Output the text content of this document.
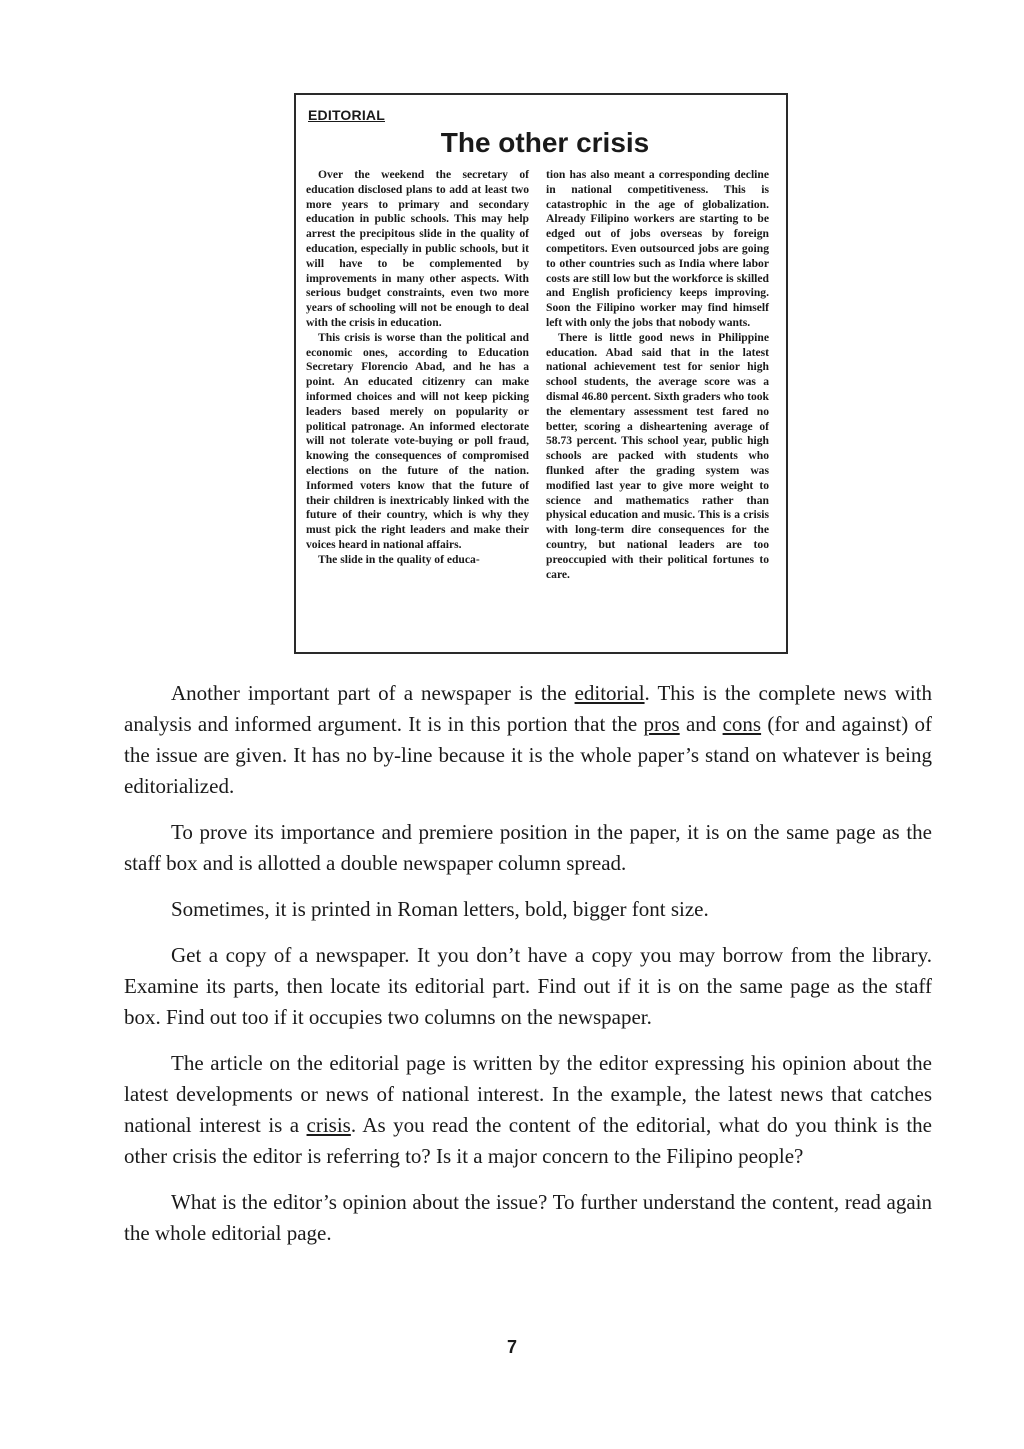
EDITORIAL
The other crisis

Over the weekend the secretary of education disclosed plans to add at least two more years to primary and secondary education in public schools. This may help arrest the precipitous slide in the quality of education, especially in public schools, but it will have to be complemented by improvements in many other aspects. With serious budget constraints, even two more years of schooling will not be enough to deal with the crisis in education.

This crisis is worse than the political and economic ones, according to Education Secretary Florencio Abad, and he has a point. An educated citizenry can make informed choices and will not keep picking leaders based merely on popularity or political patronage. An informed electorate will not tolerate vote-buying or poll fraud, knowing the consequences of compromised elections on the future of the nation. Informed voters know that the future of their children is inextricably linked with the future of their country, which is why they must pick the right leaders and make their voices heard in national affairs.

The slide in the quality of educa-

tion has also meant a corresponding decline in national competitiveness. This is catastrophic in the age of globalization. Already Filipino workers are starting to be edged out of jobs overseas by foreign competitors. Even outsourced jobs are going to other countries such as India where labor costs are still low but the workforce is skilled and English proficiency keeps improving. Soon the Filipino worker may find himself left with only the jobs that nobody wants.

There is little good news in Philippine education. Abad said that in the latest national achievement test for senior high school students, the average score was a dismal 46.80 percent. Sixth graders who took the elementary assessment test fared no better, scoring a disheartening average of 58.73 percent. This school year, public high schools are packed with students who flunked after the grading system was modified last year to give more weight to science and mathematics rather than physical education and music. This is a crisis with long-term dire consequences for the country, but national leaders are too preoccupied with their political fortunes to care.

Another important part of a newspaper is the editorial. This is the complete news with analysis and informed argument. It is in this portion that the pros and cons (for and against) of the issue are given. It has no by-line because it is the whole paper’s stand on whatever is being editorialized.

To prove its importance and premiere position in the paper, it is on the same page as the staff box and is allotted a double newspaper column spread.

Sometimes, it is printed in Roman letters, bold, bigger font size.

Get a copy of a newspaper. It you don’t have a copy you may borrow from the library. Examine its parts, then locate its editorial part. Find out if it is on the same page as the staff box. Find out too if it occupies two columns on the newspaper.

The article on the editorial page is written by the editor expressing his opinion about the latest developments or news of national interest. In the example, the latest news that catches national interest is a crisis. As you read the content of the editorial, what do you think is the other crisis the editor is referring to? Is it a major concern to the Filipino people?

What is the editor’s opinion about the issue? To further understand the content, read again the whole editorial page.

7
